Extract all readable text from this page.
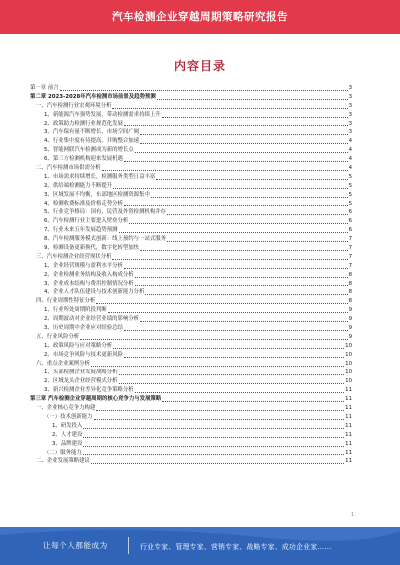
汽车检测企业穿越周期策略研究报告
内容目录
第一章 前言	3
第二章 2023-2028年汽车检测市场前景及趋势预测	3
一、汽车检测行业宏观环境分析	3
1、新能源汽车强势发展，带动检测需求持续上升	3
2、政策助力检测行业规范化发展	3
3、汽车保有量不断增长，市场空间广阔	3
4、行业集中度有待提高，并购整合加速	4
5、智能网联汽车检测成为新的增长点	4
6、第三方检测机构迎来发展机遇	4
二、汽车检测市场供需分析	4
1、市场需求持续增长，检测服务类型日益丰富	5
2、供给端检测能力不断提升	5
3、区域发展不均衡，东部地区检测资源集中	5
4、检测收费标准及价格走势分析	5
5、行业竞争格局：国有、民营及外资检测机构并存	6
6、汽车检测行业主要进入壁垒分析	6
7、行业未来五年发展趋势预测	6
8、汽车检测服务模式创新：线上预约与一站式服务	7
9、检测设备更新换代，数字化转型加快	7
三、汽车检测企业经营现状分析	7
1、企业经营规模与盈利水平分析	7
2、企业检测业务结构及收入构成分析	8
3、企业成本结构与费用控制情况分析	8
4、企业人才队伍建设与技术创新能力分析	8
四、行业周期性特征分析	8
1、行业所处周期阶段判断	9
2、周期波动对企业经营业绩的影响分析	9
3、历史周期中企业应对经验总结	9
五、行业风险分析	9
1、政策风险与应对策略分析	10
2、市场竞争风险与技术更新风险	10
六、重点企业案例分析	10
1、头部检测企业发展战略分析	10
2、区域龙头企业经营模式分析	10
3、新兴检测企业差异化竞争策略分析	11
第三章 汽车检测企业穿越周期的核心竞争力与发展策略	11
一、企业核心竞争力构建	11
（一）技术创新能力	11
1、研发投入	11
2、人才建设	11
3、品牌建设	11
（二）服务能力	11
二、企业发展策略建议	11
1
让每个人都能成为	行业专家、管理专家、营销专家、战略专家、成功企业家……
